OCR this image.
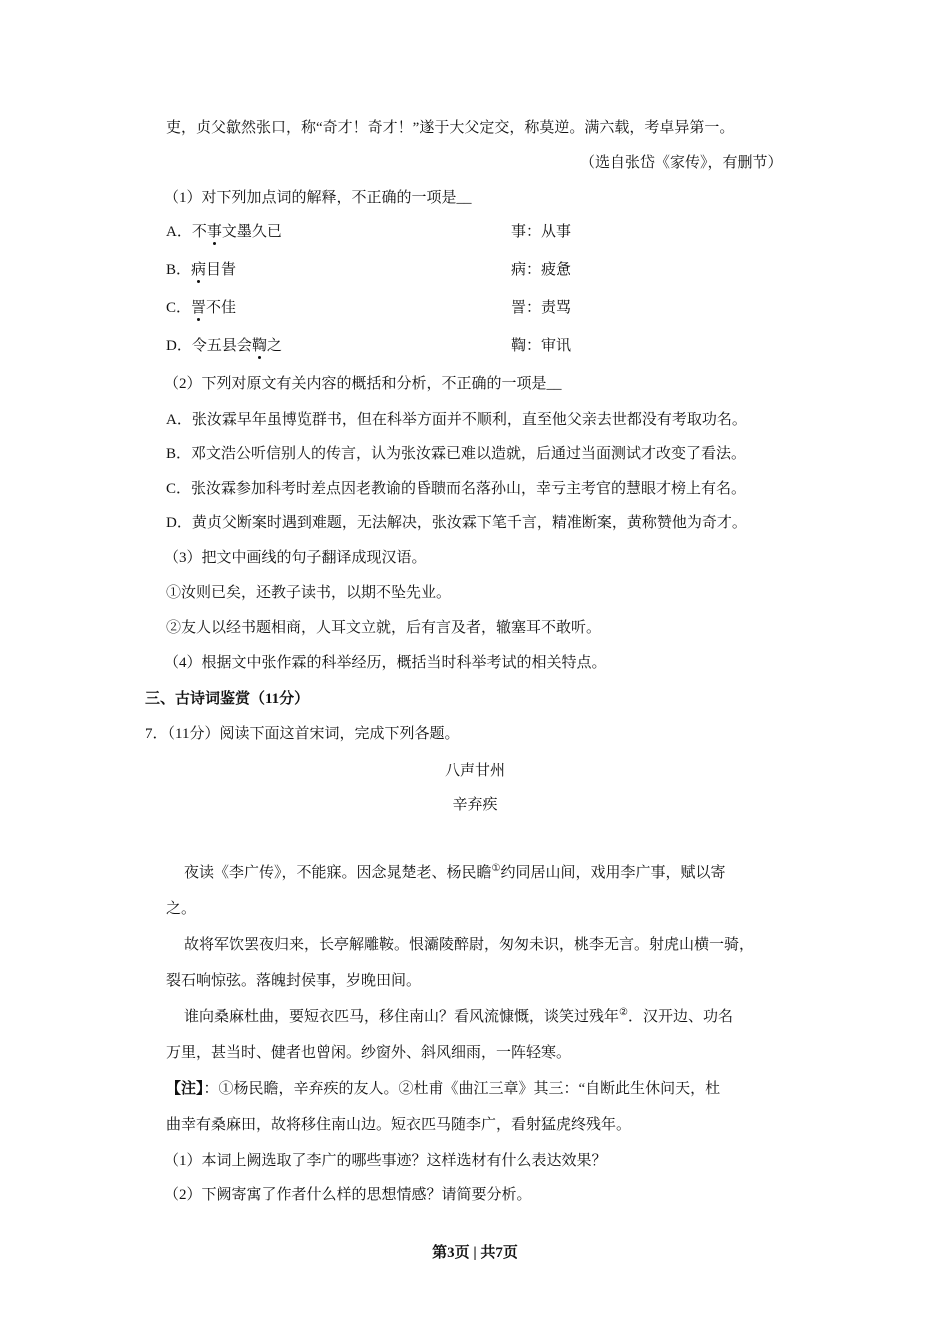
吏，贞父歙然张口，称“奇才！奇才！”遂于大父定交，称莫逆。满六载，考卓异第一。
（选自张岱《家传》，有删节）
（1）对下列加点词的解释，不正确的一项是__
A．不事文墨久已	事：从事
B．病目眚	病：疲惫
C．詈不佳	詈：责骂
D．令五县会鞫之	鞫：审讯
（2）下列对原文有关内容的概括和分析，不正确的一项是__
A．张汝霖早年虽博览群书，但在科举方面并不顺利，直至他父亲去世都没有考取功名。
B．邓文浩公听信别人的传言，认为张汝霖已难以造就，后通过当面测试才改变了看法。
C．张汝霖参加科考时差点因老教谕的昏聩而名落孙山，幸亏主考官的慧眼才榜上有名。
D．黄贞父断案时遇到难题，无法解决，张汝霖下笔千言，精准断案，黄称赞他为奇才。
（3）把文中画线的句子翻译成现汉语。
①汝则已矣，还教子读书，以期不坠先业。
②友人以经书题相商，人耳文立就，后有言及者，辙塞耳不敢听。
（4）根据文中张作霖的科举经历，概括当时科举考试的相关特点。
三、古诗词鉴赏（11分）
7．（11分）阅读下面这首宋词，完成下列各题。
八声甘州
辛弃疾
夜读《李广传》，不能寐。因念晁楚老、杨民瞻①约同居山间，戏用李广事，赋以寄
之。
故将军饮罢夜归来，长亭解雕鞍。恨灞陵醉尉，匆匆未识，桃李无言。射虎山横一骑，
裂石响惊弦。落魄封侯事，岁晚田间。
谁向桑麻杜曲，要短衣匹马，移住南山？看风流慷慨，谈笑过残年②．汉开边、功名
万里，甚当时、健者也曾闲。纱窗外、斜风细雨，一阵轻寒。
【注】：①杨民瞻，辛弃疾的友人。②杜甫《曲江三章》其三：“自断此生休问天，杜
曲幸有桑麻田，故将移住南山边。短衣匹马随李广，看射猛虎终残年。
（1）本词上阙选取了李广的哪些事迹？这样选材有什么表达效果？
（2）下阙寄寓了作者什么样的思想情感？请简要分析。
第3页 | 共7页
